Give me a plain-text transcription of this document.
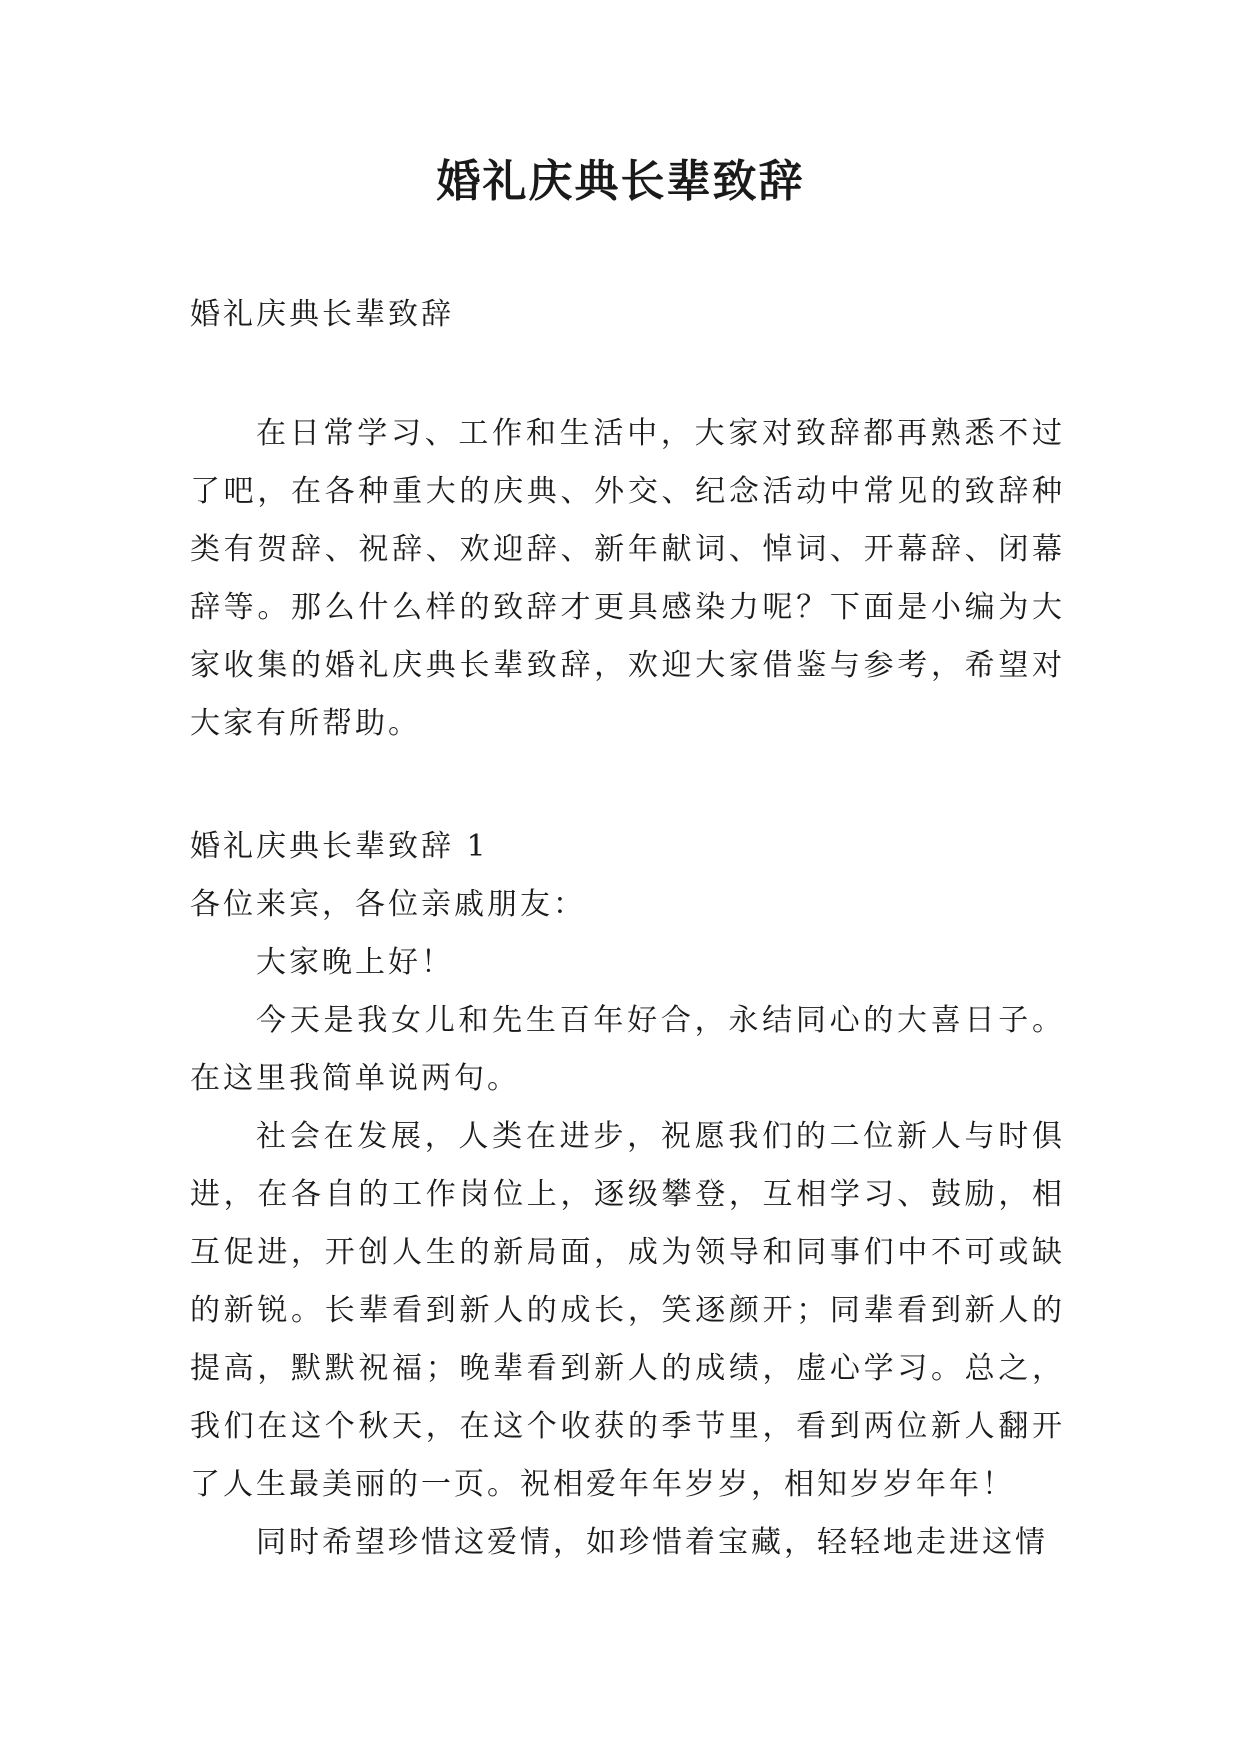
婚礼庆典长辈致辞

婚礼庆典长辈致辞

在日常学习、工作和生活中，大家对致辞都再熟悉不过了吧，在各种重大的庆典、外交、纪念活动中常见的致辞种类有贺辞、祝辞、欢迎辞、新年献词、悼词、开幕辞、闭幕辞等。那么什么样的致辞才更具感染力呢？下面是小编为大家收集的婚礼庆典长辈致辞，欢迎大家借鉴与参考，希望对大家有所帮助。

婚礼庆典长辈致辞 1

各位来宾，各位亲戚朋友：

大家晚上好！

今天是我女儿和先生百年好合，永结同心的大喜日子。在这里我简单说两句。

社会在发展，人类在进步，祝愿我们的二位新人与时俱进，在各自的工作岗位上，逐级攀登，互相学习、鼓励，相互促进，开创人生的新局面，成为领导和同事们中不可或缺的新锐。长辈看到新人的成长，笑逐颜开；同辈看到新人的提高，默默祝福；晚辈看到新人的成绩，虚心学习。总之，我们在这个秋天，在这个收获的季节里，看到两位新人翻开了人生最美丽的一页。祝相爱年年岁岁，相知岁岁年年！

同时希望珍惜这爱情，如珍惜着宝藏，轻轻地走进这情
